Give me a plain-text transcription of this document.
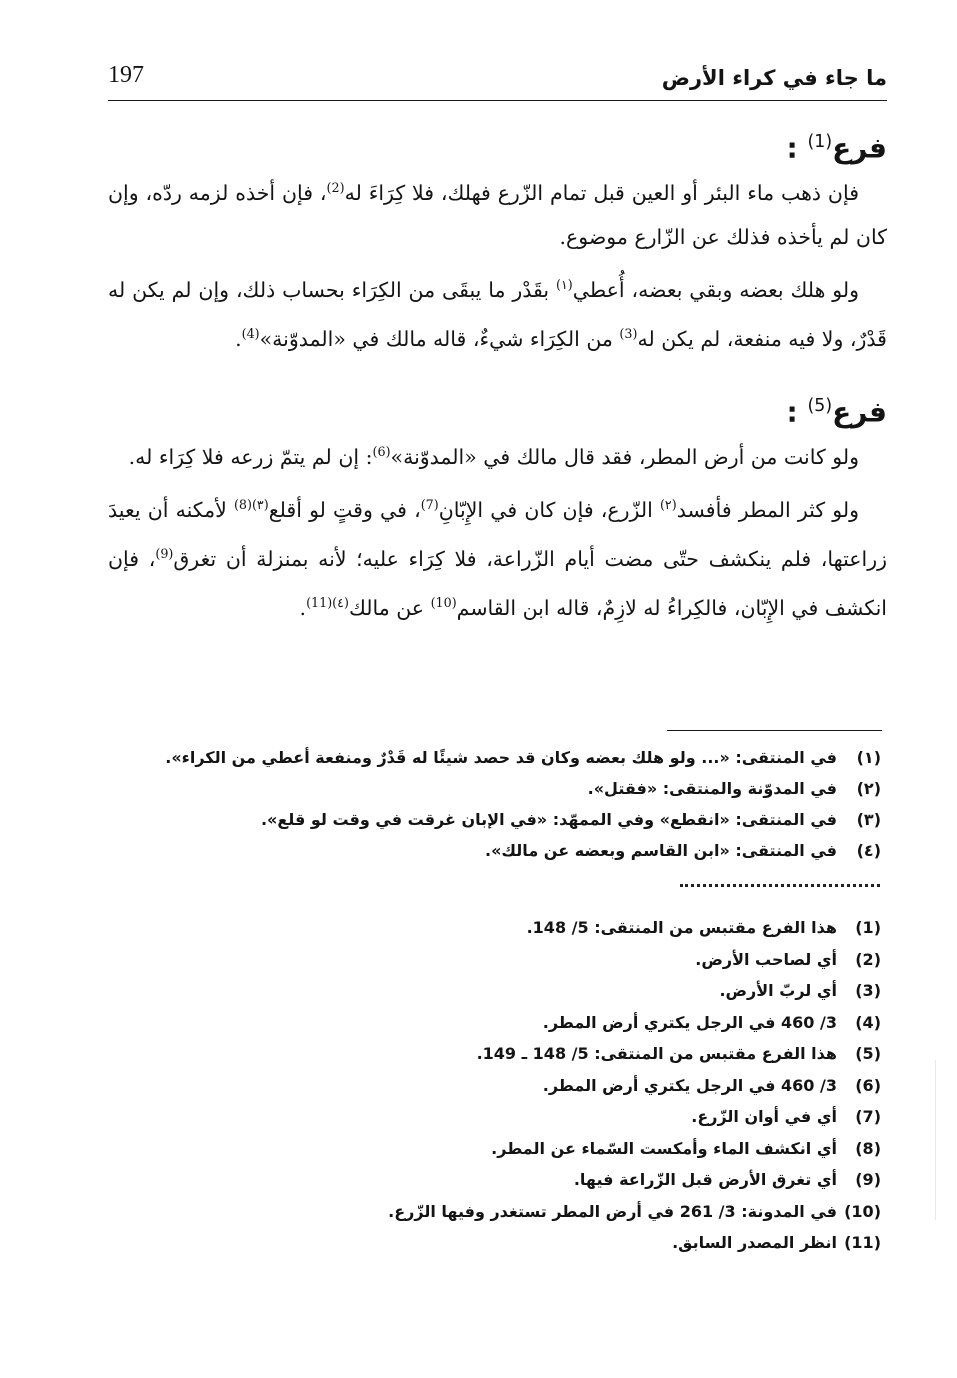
197	ما جاء في كراء الأرض
فرع$^{(1)}$ :

فإن ذهب ماء البئر أو العين قبل تمام الزّرع فهلك، فلا كِرَاءَ له$^{(2)}$، فإن أخذه لزمه ردّه، وإن كان لم يأخذه فذلك عن الزّارع موضوع.

ولو هلك بعضه وبقي بعضه، أُعطي$^{(١)}$ بقَدْر ما يبقَى من الكِرَاء بحساب ذلك، وإن لم يكن له قَدْرٌ، ولا فيه منفعة، لم يكن له$^{(3)}$ من الكِرَاء شيءٌ، قاله مالك في «المدوّنة»$^{(4)}$.

فرع$^{(5)}$ :

ولو كانت من أرض المطر، فقد قال مالك في «المدوّنة»$^{(6)}$: إن لم يتمّ زرعه فلا كِرَاء له.

ولو كثر المطر فأفسد$^{(٢)}$ الزّرع، فإن كان في الإِبّانِ$^{(7)}$، في وقتٍ لو أقلع$^{(٣)(8)}$ لأمكنه أن يعيدَ زراعتها، فلم ينكشف حتّى مضت أيام الزّراعة، فلا كِرَاء عليه؛ لأنه بمنزلة أن تغرق$^{(9)}$، فإن انكشف في الإِبّان، فالكِراءُ له لازِمٌ، قاله ابن القاسم$^{(10)}$ عن مالك$^{(٤)(11)}$.

(١)
في المنتقى: «... ولو هلك بعضه وكان قد حصد شيئًا له قَدْرٌ ومنفعة أعطي من الكراء».
(٢)
في المدوّنة والمنتقى: «فقتل».
(٣)
في المنتقى: «انقطع» وفي الممهّد: «في الإبان غرقت في وقت لو قلع».
(٤)
في المنتقى: «ابن القاسم وبعضه عن مالك».
(1)
هذا الفرع مقتبس من المنتقى: 5/ 148.
(2)
أي لصاحب الأرض.
(3)
أي لربّ الأرض.
(4)
3/ 460 في الرجل يكتري أرض المطر.
(5)
هذا الفرع مقتبس من المنتقى: 5/ 148 ـ 149.
(6)
3/ 460 في الرجل يكتري أرض المطر.
(7)
أي في أوان الزّرع.
(8)
أي انكشف الماء وأمكست السّماء عن المطر.
(9)
أي تغرق الأرض قبل الزّراعة فيها.
(10)
في المدونة: 3/ 261 في أرض المطر تستغدر وفيها الزّرع.
(11)
انظر المصدر السابق.
